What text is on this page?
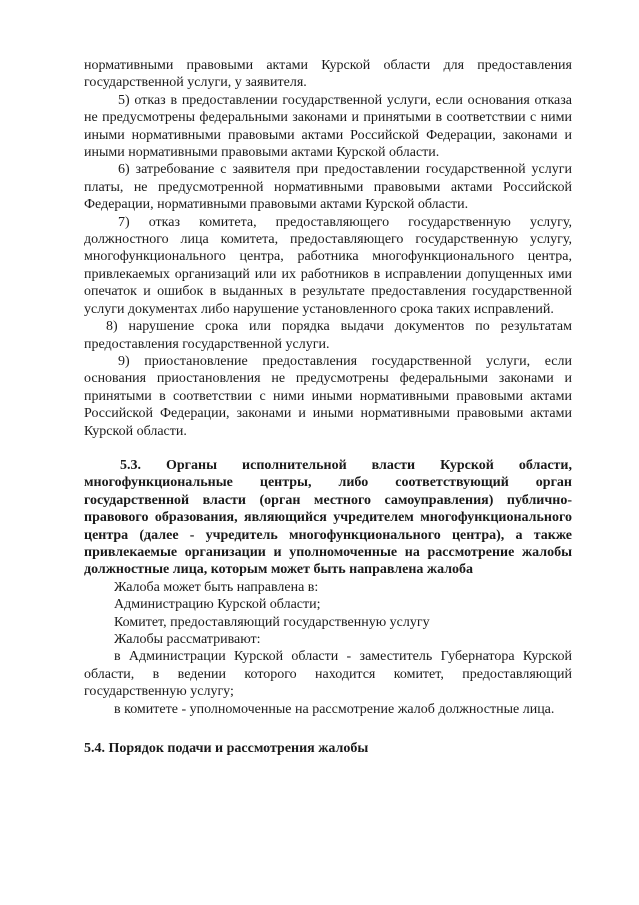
нормативными правовыми актами Курской области для предоставления государственной услуги, у заявителя.

5) отказ в предоставлении государственной услуги, если основания отказа не предусмотрены федеральными законами и принятыми в соответствии с ними иными нормативными правовыми актами Российской Федерации, законами и иными нормативными правовыми актами Курской области.

6) затребование с заявителя при предоставлении государственной услуги платы, не предусмотренной нормативными правовыми актами Российской Федерации, нормативными правовыми актами Курской области.

7) отказ комитета, предоставляющего государственную услугу, должностного лица комитета, предоставляющего государственную услугу, многофункционального центра, работника многофункционального центра, привлекаемых организаций или их работников в исправлении допущенных ими опечаток и ошибок в выданных в результате предоставления государственной услуги документах либо нарушение установленного срока таких исправлений.

8) нарушение срока или порядка выдачи документов по результатам предоставления государственной услуги.

9) приостановление предоставления государственной услуги, если основания приостановления не предусмотрены федеральными законами и принятыми в соответствии с ними иными нормативными правовыми актами Российской Федерации, законами и иными нормативными правовыми актами Курской области.

5.3. Органы исполнительной власти Курской области, многофункциональные центры, либо соответствующий орган государственной власти (орган местного самоуправления) публично-правового образования, являющийся учредителем многофункционального центра (далее - учредитель многофункционального центра), а также привлекаемые организации и уполномоченные на рассмотрение жалобы должностные лица, которым может быть направлена жалоба

Жалоба может быть направлена в:

Администрацию Курской области;

Комитет, предоставляющий государственную услугу

Жалобы рассматривают:

в Администрации Курской области - заместитель Губернатора Курской области, в ведении которого находится комитет, предоставляющий государственную услугу;

в комитете - уполномоченные на рассмотрение жалоб должностные лица.

5.4. Порядок подачи и рассмотрения жалобы
